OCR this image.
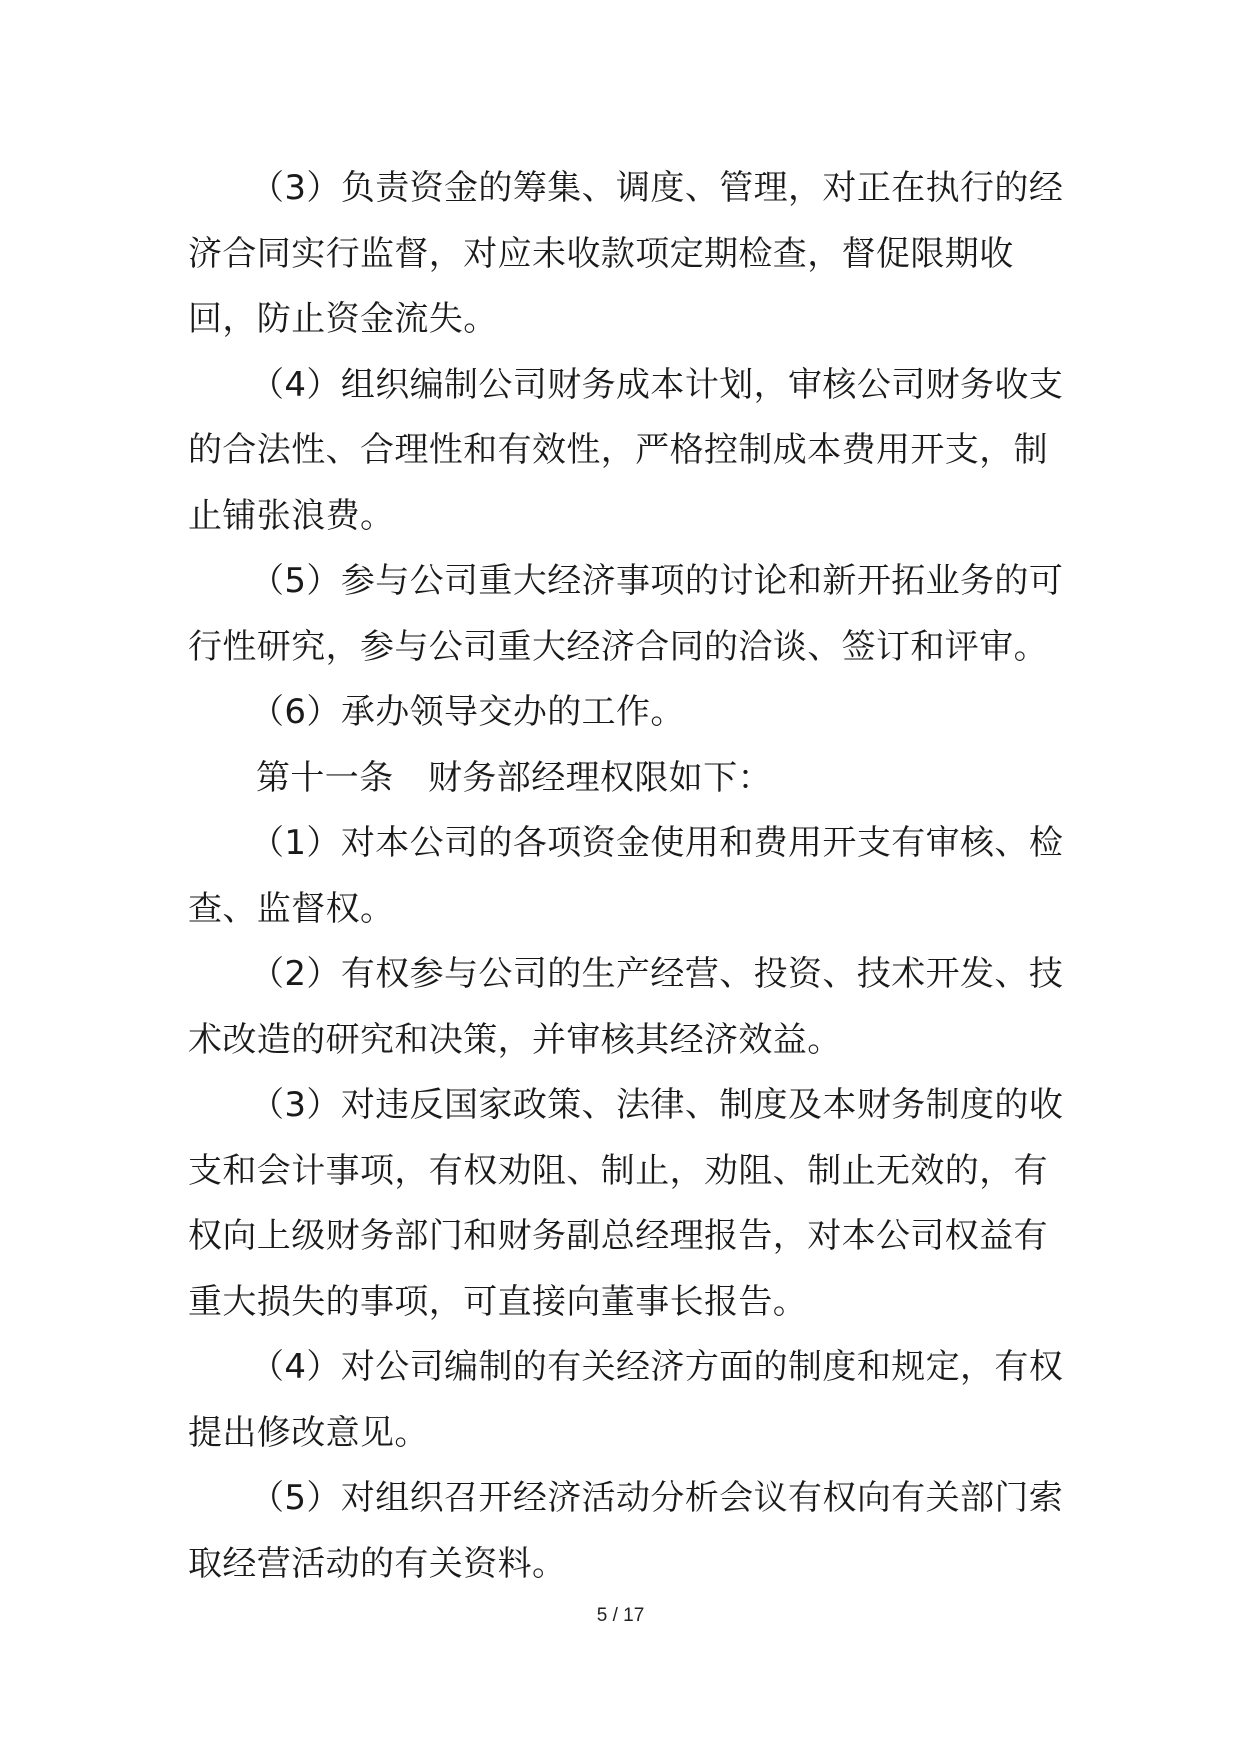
（3）负责资金的筹集、调度、管理，对正在执行的经济合同实行监督，对应未收款项定期检查，督促限期收回，防止资金流失。

（4）组织编制公司财务成本计划，审核公司财务收支的合法性、合理性和有效性，严格控制成本费用开支，制止铺张浪费。

（5）参与公司重大经济事项的讨论和新开拓业务的可行性研究，参与公司重大经济合同的洽谈、签订和评审。

（6）承办领导交办的工作。

第十一条　财务部经理权限如下：

（1）对本公司的各项资金使用和费用开支有审核、检查、监督权。

（2）有权参与公司的生产经营、投资、技术开发、技术改造的研究和决策，并审核其经济效益。

（3）对违反国家政策、法律、制度及本财务制度的收支和会计事项，有权劝阻、制止，劝阻、制止无效的，有权向上级财务部门和财务副总经理报告，对本公司权益有重大损失的事项，可直接向董事长报告。

（4）对公司编制的有关经济方面的制度和规定，有权提出修改意见。

（5）对组织召开经济活动分析会议有权向有关部门索取经营活动的有关资料。

5 / 17
